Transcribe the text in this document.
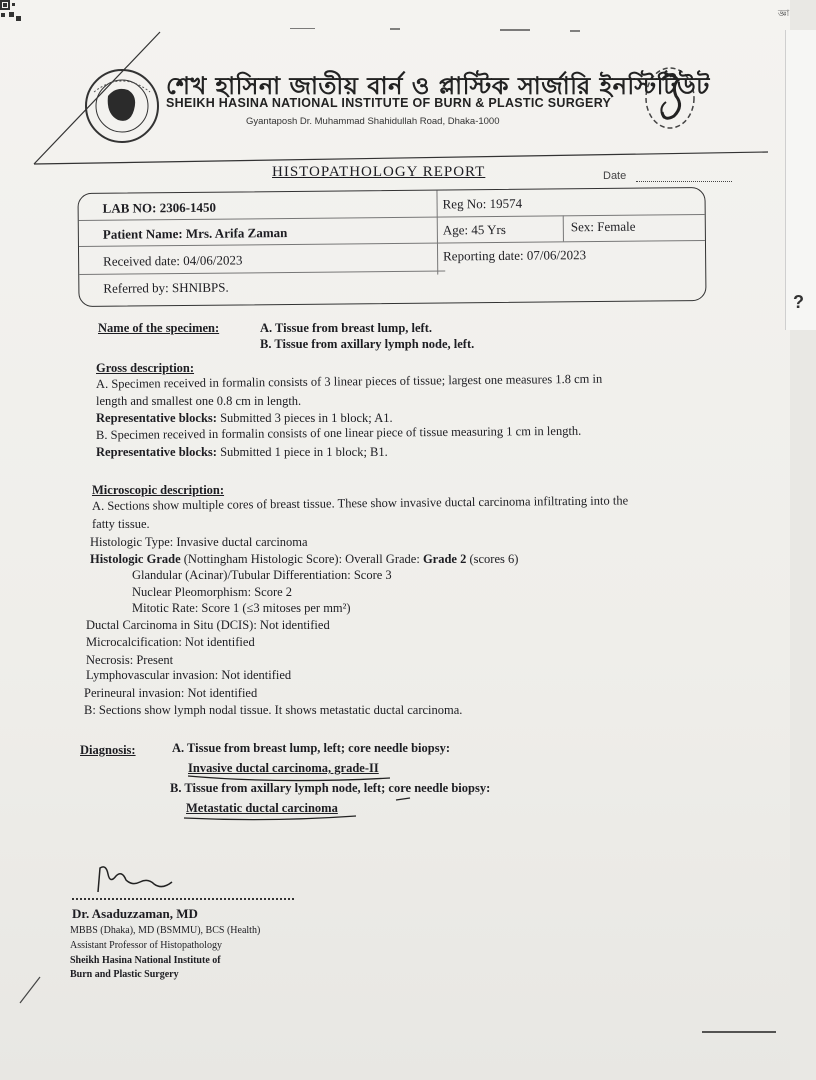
?
জ্ঞা
শেখ হাসিনা জাতীয় বার্ন ও প্লাস্টিক সার্জারি ইনস্টিটিউট
SHEIKH HASINA NATIONAL INSTITUTE OF BURN & PLASTIC SURGERY
Gyantaposh Dr. Muhammad Shahidullah Road, Dhaka-1000
HISTOPATHOLOGY REPORT	Date
LAB NO: 2306-1450	Reg No: 19574
Patient Name: Mrs. Arifa Zaman	Age: 45 Yrs	Sex: Female
Received date: 04/06/2023	Reporting date: 07/06/2023
Referred by: SHNIBPS.
Name of the specimen:	A. Tissue from breast lump, left.
B. Tissue from axillary lymph node, left.
Gross description:
A. Specimen received in formalin consists of 3 linear pieces of tissue; largest one measures 1.8 cm in
length and smallest one 0.8 cm in length.
Representative blocks: Submitted 3 pieces in 1 block; A1.
B. Specimen received in formalin consists of one linear piece of tissue measuring 1 cm in length.
Representative blocks: Submitted 1 piece in 1 block; B1.
Microscopic description:
A. Sections show multiple cores of breast tissue. These show invasive ductal carcinoma infiltrating into the
fatty tissue.
Histologic Type: Invasive ductal carcinoma
Histologic Grade (Nottingham Histologic Score): Overall Grade: Grade 2 (scores 6)
Glandular (Acinar)/Tubular Differentiation: Score 3
Nuclear Pleomorphism: Score 2
Mitotic Rate: Score 1 (≤3 mitoses per mm²)
Ductal Carcinoma in Situ (DCIS): Not identified
Microcalcification: Not identified
Necrosis: Present
Lymphovascular invasion: Not identified
Perineural invasion: Not identified
B: Sections show lymph nodal tissue. It shows metastatic ductal carcinoma.
Diagnosis:	A. Tissue from breast lump, left; core needle biopsy:
Invasive ductal carcinoma, grade-II
B. Tissue from axillary lymph node, left; core needle biopsy:
Metastatic ductal carcinoma
Dr. Asaduzzaman, MD
MBBS (Dhaka), MD (BSMMU), BCS (Health)
Assistant Professor of Histopathology
Sheikh Hasina National Institute of
Burn and Plastic Surgery
